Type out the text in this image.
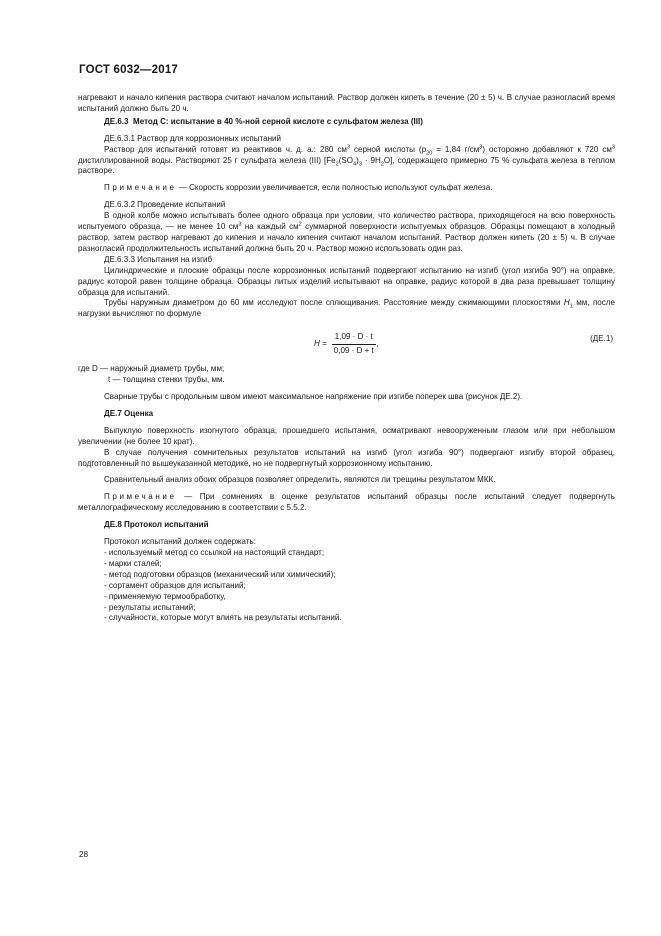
ГОСТ 6032—2017

нагревают и начало кипения раствора считают началом испытаний. Раствор должен кипеть в течение (20 ± 5) ч. В случае разногласий время испытаний должно быть 20 ч.

ДЕ.6.3 Метод С: испытание в 40 %-ной серной кислоте с сульфатом железа (III)

ДЕ.6.3.1 Раствор для коррозионных испытаний

Раствор для испытаний готовят из реактивов ч. д. а.: 280 $см^3$ серной кислоты ($p_{20} = 1,84$ $г/см^3$) осторожно добавляют к 720 $см^3$ дистиллированной воды. Растворяют 25 г сульфата железа (III) $[Fe_2(SO_4)_3 \cdot 9H_2O]$, содержащего примерно 75 % сульфата железа в теплом растворе.

Примечание — Скорость коррозии увеличивается, если полностью используют сульфат железа.

ДЕ.6.3.2 Проведение испытаний

В одной колбе можно испытывать более одного образца при условии, что количество раствора, приходящегося на всю поверхность испытуемого образца, — не менее 10 $см^3$ на каждый $см^2$ суммарной поверхности испытуемых образцов. Образцы помещают в холодный раствор, затем раствор нагревают до кипения и начало кипения считают началом испытаний. Раствор должен кипеть (20 ± 5) ч. В случае разногласий продолжительность испытаний должна быть 20 ч. Раствор можно использовать один раз.

ДЕ.6.3.3 Испытания на изгиб

Цилиндрические и плоские образцы после коррозионных испытаний подвергают испытанию на изгиб (угол изгиба 90°) на оправке, радиус которой равен толщине образца. Образцы литых изделий испытывают на оправке, радиус которой в два раза превышает толщину образца для испытаний.

Трубы наружным диаметром до 60 мм исследуют после сплющивания. Расстояние между сжимающими плоскостями $H_1$ мм, после нагрузки вычисляют по формуле

$H = \frac{1,09 \cdot D \cdot t}{0,09 \cdot D + t}$ ,
(ДЕ.1)

где D — наружный диаметр трубы, мм;

t — толщина стенки трубы, мм.

Сварные трубы с продольным швом имеют максимальное напряжение при изгибе поперек шва (рисунок ДЕ.2).

ДЕ.7 Оценка

Выпуклую поверхность изогнутого образца, прошедшего испытания, осматривают невооруженным глазом или при небольшом увеличении (не более 10 крат).

В случае получения сомнительных результатов испытаний на изгиб (угол изгиба 90°) подвергают изгибу второй образец, подготовленный по вышеуказанной методике, но не подвергнутый коррозионному испытанию.

Сравнительный анализ обоих образцов позволяет определить, являются ли трещины результатом МКК.

Примечание — При сомнениях в оценке результатов испытаний образцы после испытаний следует подвергнуть металлографическому исследованию в соответствии с 5.5.2.

ДЕ.8 Протокол испытаний

Протокол испытаний должен содержать:

- используемый метод со ссылкой на настоящий стандарт;

- марки сталей;

- метод подготовки образцов (механический или химический);

- сортамент образцов для испытаний;

- применяемую термообработку,

- результаты испытаний;

- случайности, которые могут влиять на результаты испытаний.

28
